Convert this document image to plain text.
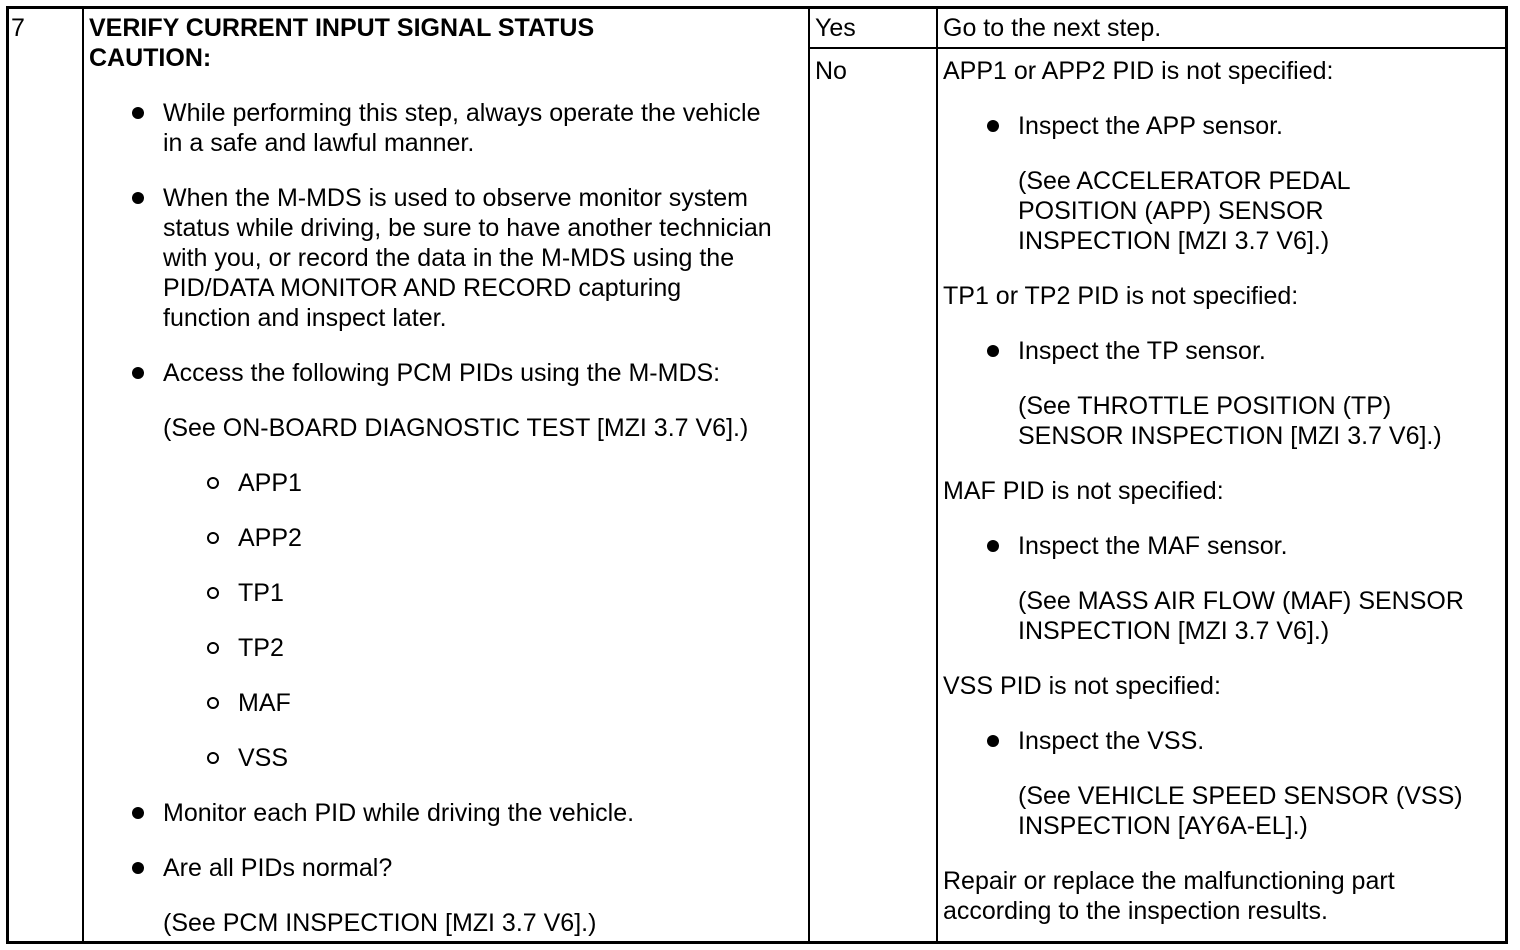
7	VERIFY CURRENT INPUT SIGNAL STATUS
CAUTION:
While performing this step, always operate the vehicle
in a safe and lawful manner.
When the M-MDS is used to observe monitor system
status while driving, be sure to have another technician
with you, or record the data in the M-MDS using the
PID/DATA MONITOR AND RECORD capturing
function and inspect later.
Access the following PCM PIDs using the M-MDS:
(See ON-BOARD DIAGNOSTIC TEST [MZI 3.7 V6].)
APP1
APP2
TP1
TP2
MAF
VSS
Monitor each PID while driving the vehicle.
Are all PIDs normal?
(See PCM INSPECTION [MZI 3.7 V6].)
Yes	Go to the next step.
No	APP1 or APP2 PID is not specified:
Inspect the APP sensor.
(See ACCELERATOR PEDAL
POSITION (APP) SENSOR
INSPECTION [MZI 3.7 V6].)
TP1 or TP2 PID is not specified:
Inspect the TP sensor.
(See THROTTLE POSITION (TP)
SENSOR INSPECTION [MZI 3.7 V6].)
MAF PID is not specified:
Inspect the MAF sensor.
(See MASS AIR FLOW (MAF) SENSOR
INSPECTION [MZI 3.7 V6].)
VSS PID is not specified:
Inspect the VSS.
(See VEHICLE SPEED SENSOR (VSS)
INSPECTION [AY6A-EL].)
Repair or replace the malfunctioning part
according to the inspection results.
